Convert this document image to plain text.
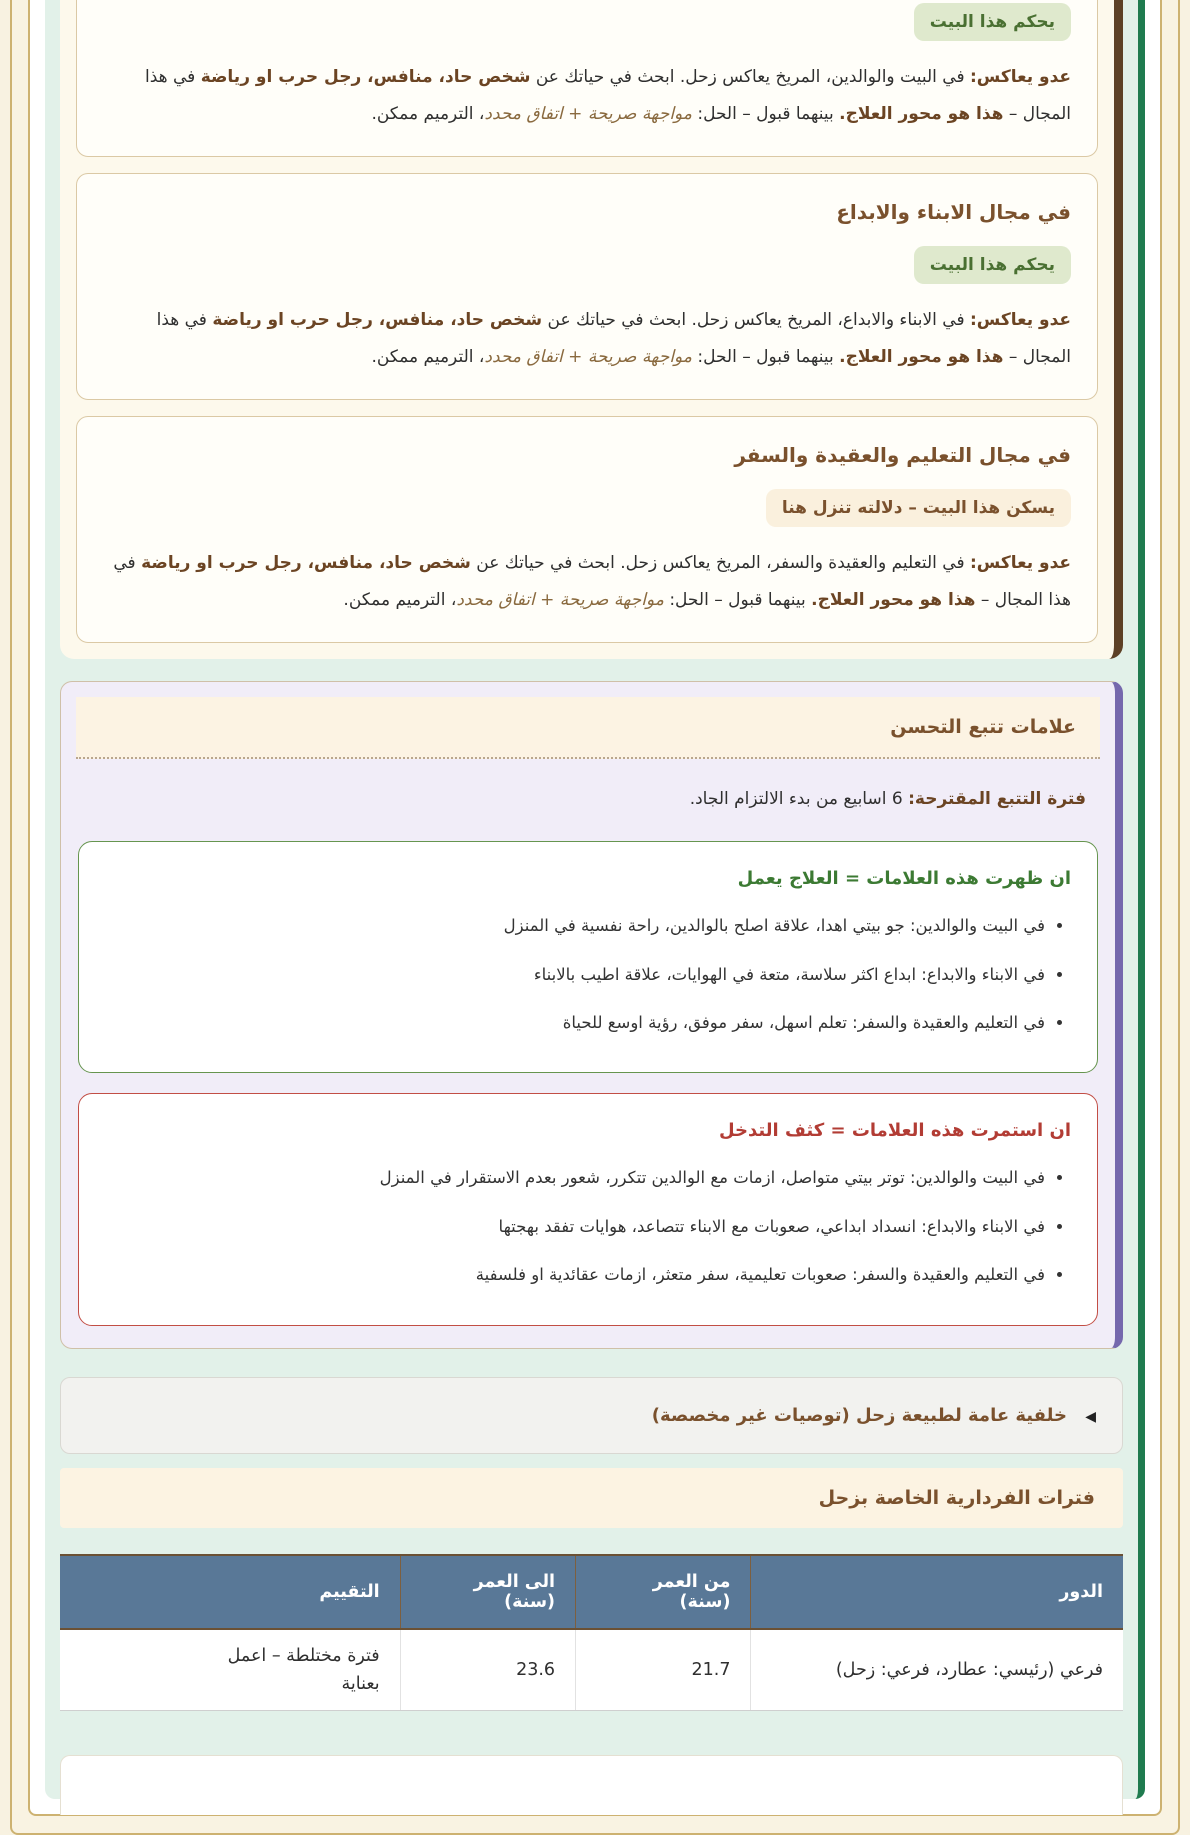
يحكم هذا البيت

عدو يعاكس: في البيت والوالدين، المريخ يعاكس زحل. ابحث في حياتك عن شخص حاد، منافس، رجل حرب او رياضة في هذا المجال – هذا هو محور العلاج. بينهما قبول – الحل: مواجهة صريحة + اتفاق محدد، الترميم ممكن.

في مجال الابناء والابداع
يحكم هذا البيت

عدو يعاكس: في الابناء والابداع، المريخ يعاكس زحل. ابحث في حياتك عن شخص حاد، منافس، رجل حرب او رياضة في هذا المجال – هذا هو محور العلاج. بينهما قبول – الحل: مواجهة صريحة + اتفاق محدد، الترميم ممكن.

في مجال التعليم والعقيدة والسفر
يسكن هذا البيت – دلالته تنزل هنا

عدو يعاكس: في التعليم والعقيدة والسفر، المريخ يعاكس زحل. ابحث في حياتك عن شخص حاد، منافس، رجل حرب او رياضة في هذا المجال – هذا هو محور العلاج. بينهما قبول – الحل: مواجهة صريحة + اتفاق محدد، الترميم ممكن.

علامات تتبع التحسن

فترة التتبع المقترحة: 6 اسابيع من بدء الالتزام الجاد.

ان ظهرت هذه العلامات = العلاج يعمل
• في البيت والوالدين: جو بيتي اهدا، علاقة اصلح بالوالدين، راحة نفسية في المنزل
• في الابناء والابداع: ابداع اكثر سلاسة، متعة في الهوايات، علاقة اطيب بالابناء
• في التعليم والعقيدة والسفر: تعلم اسهل، سفر موفق، رؤية اوسع للحياة
ان استمرت هذه العلامات = كثف التدخل
• في البيت والوالدين: توتر بيتي متواصل، ازمات مع الوالدين تتكرر، شعور بعدم الاستقرار في المنزل
• في الابناء والابداع: انسداد ابداعي، صعوبات مع الابناء تتصاعد، هوايات تفقد بهجتها
• في التعليم والعقيدة والسفر: صعوبات تعليمية، سفر متعثر، ازمات عقائدية او فلسفية
◀ خلفية عامة لطبيعة زحل (توصيات غير مخصصة)
فترات الفردارية الخاصة بزحل
الدور	من العمر (سنة)	الى العمر (سنة)	التقييم
فرعي (رئيسي: عطارد، فرعي: زحل)	21.7	23.6	فترة مختلطة – اعمل بعناية
